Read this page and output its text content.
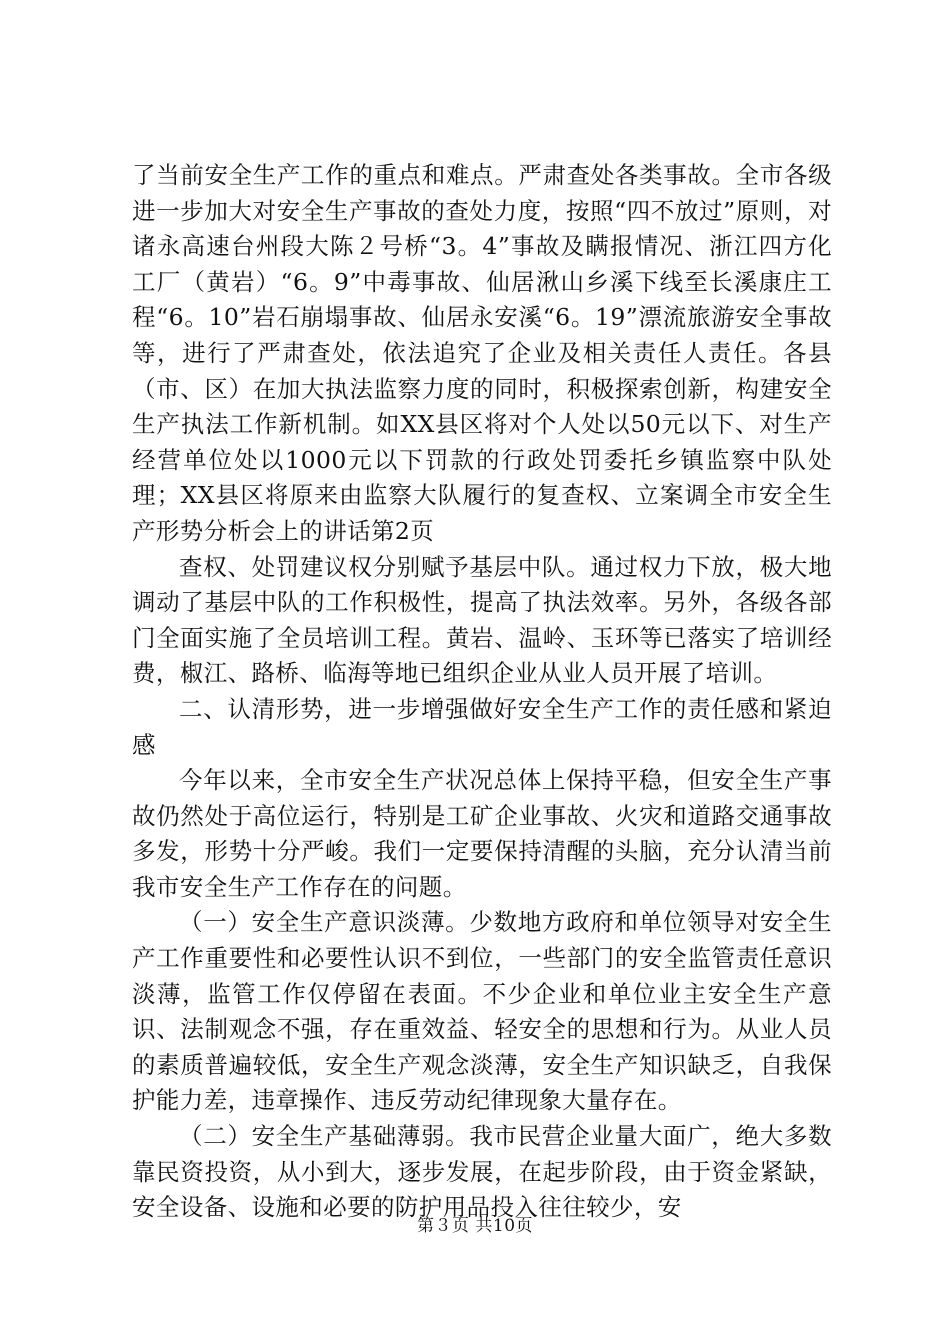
了当前安全生产工作的重点和难点。严肃查处各类事故。全市各级进一步加大对安全生产事故的查处力度，按照“四不放过”原则，对诸永高速台州段大陈２号桥“3。4”事故及瞒报情况、浙江四方化工厂（黄岩）“6。9”中毒事故、仙居湫山乡溪下线至长溪康庄工程“6。10”岩石崩塌事故、仙居永安溪“6。19”漂流旅游安全事故等，进行了严肃查处，依法追究了企业及相关责任人责任。各县（市、区）在加大执法监察力度的同时，积极探索创新，构建安全生产执法工作新机制。如XX县区将对个人处以50元以下、对生产经营单位处以1000元以下罚款的行政处罚委托乡镇监察中队处理；XX县区将原来由监察大队履行的复查权、立案调全市安全生产形势分析会上的讲话第2页

查权、处罚建议权分别赋予基层中队。通过权力下放，极大地调动了基层中队的工作积极性，提高了执法效率。另外，各级各部门全面实施了全员培训工程。黄岩、温岭、玉环等已落实了培训经费，椒江、路桥、临海等地已组织企业从业人员开展了培训。

二、认清形势，进一步增强做好安全生产工作的责任感和紧迫感

今年以来，全市安全生产状况总体上保持平稳，但安全生产事故仍然处于高位运行，特别是工矿企业事故、火灾和道路交通事故多发，形势十分严峻。我们一定要保持清醒的头脑，充分认清当前我市安全生产工作存在的问题。

（一）安全生产意识淡薄。少数地方政府和单位领导对安全生产工作重要性和必要性认识不到位，一些部门的安全监管责任意识淡薄，监管工作仅停留在表面。不少企业和单位业主安全生产意识、法制观念不强，存在重效益、轻安全的思想和行为。从业人员的素质普遍较低，安全生产观念淡薄，安全生产知识缺乏，自我保护能力差，违章操作、违反劳动纪律现象大量存在。

（二）安全生产基础薄弱。我市民营企业量大面广，绝大多数靠民资投资，从小到大，逐步发展，在起步阶段，由于资金紧缺，安全设备、设施和必要的防护用品投入往往较少，安

第３页 共10页
